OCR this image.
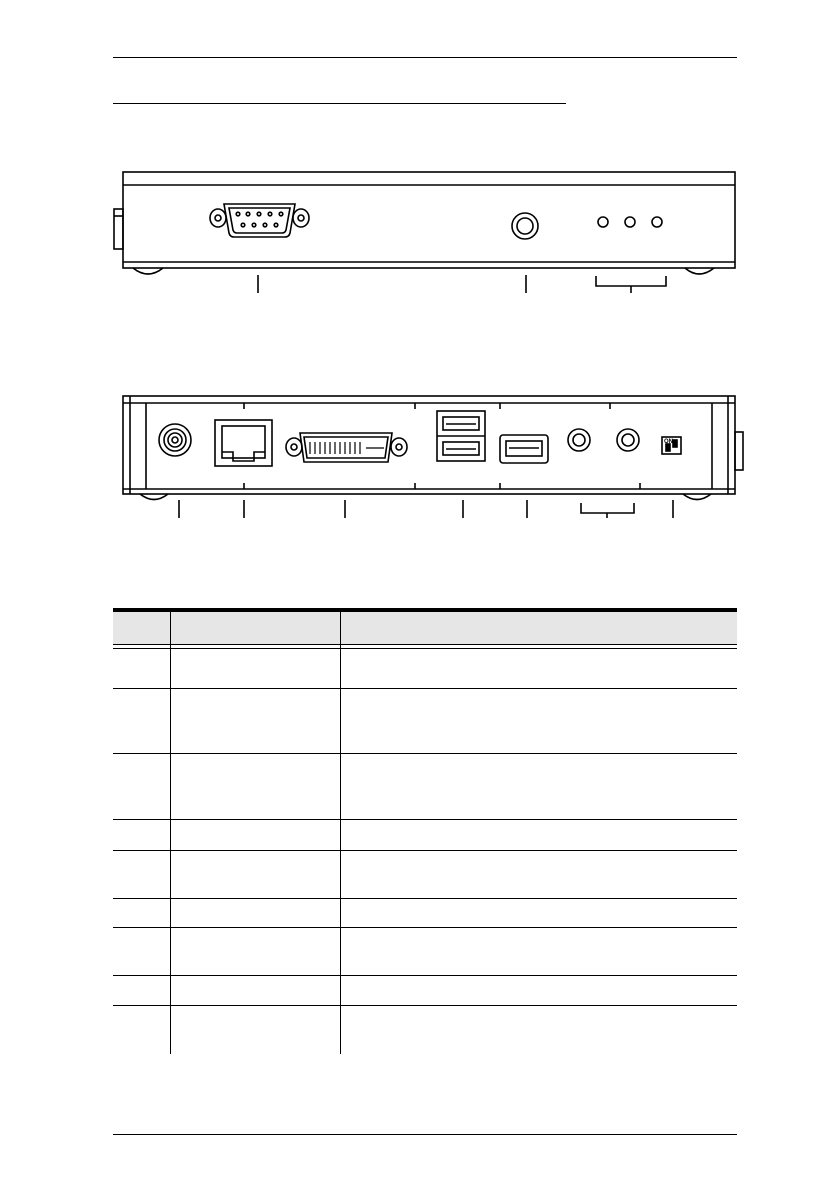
ON
